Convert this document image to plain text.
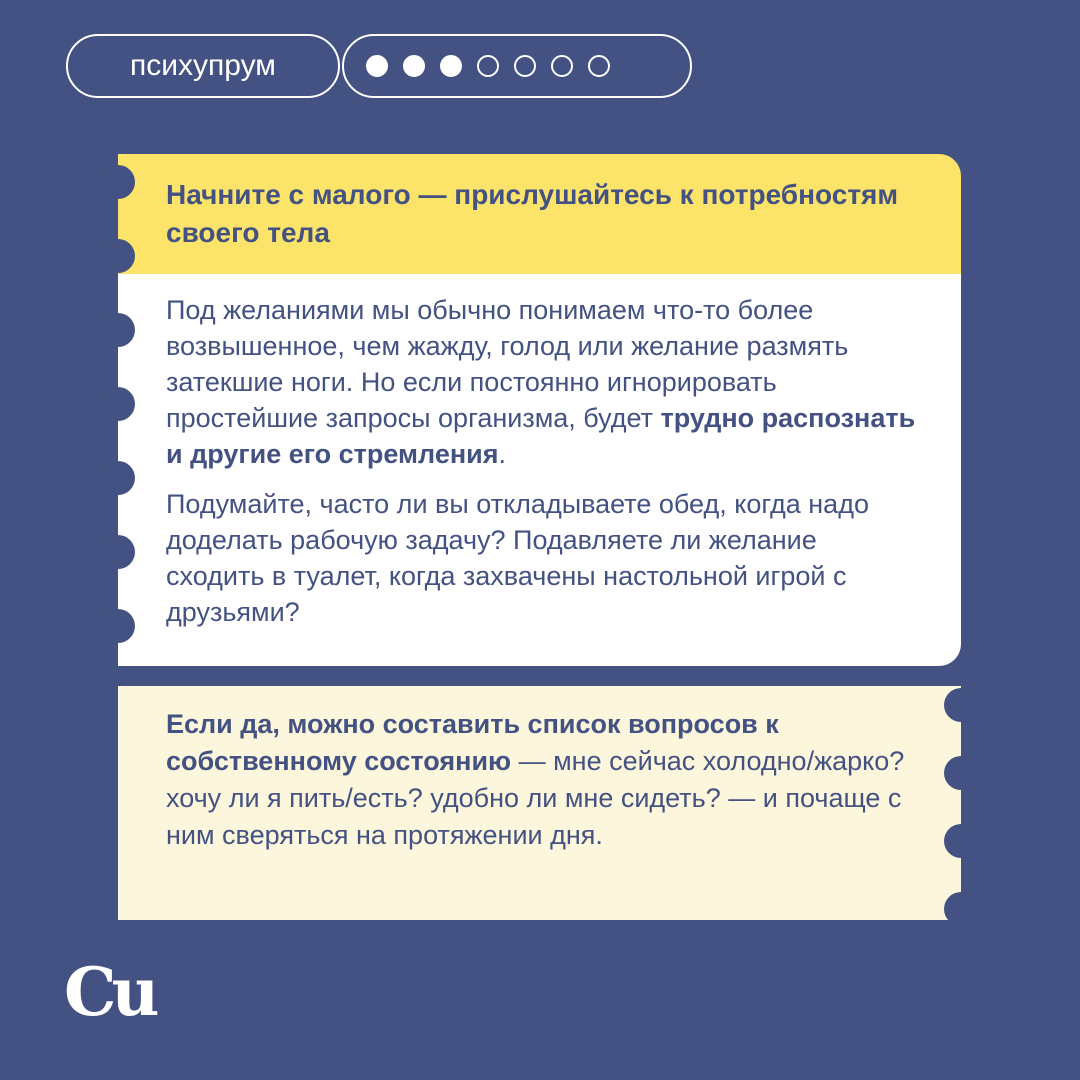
психупрум
Начните с малого — прислушайтесь к потребностям своего тела

Под желаниями мы обычно понимаем что-то более возвышенное, чем жажду, голод или желание размять затекшие ноги. Но если постоянно игнорировать простейшие запросы организма, будет трудно распознать и другие его стремления.

Подумайте, часто ли вы откладываете обед, когда надо доделать рабочую задачу? Подавляете ли желание сходить в туалет, когда захвачены настольной игрой с друзьями?

Если да, можно составить список вопросов к собственному состоянию — мне сейчас холодно/жарко? хочу ли я пить/есть? удобно ли мне сидеть? — и почаще с ним сверяться на протяжении дня.

Cu
